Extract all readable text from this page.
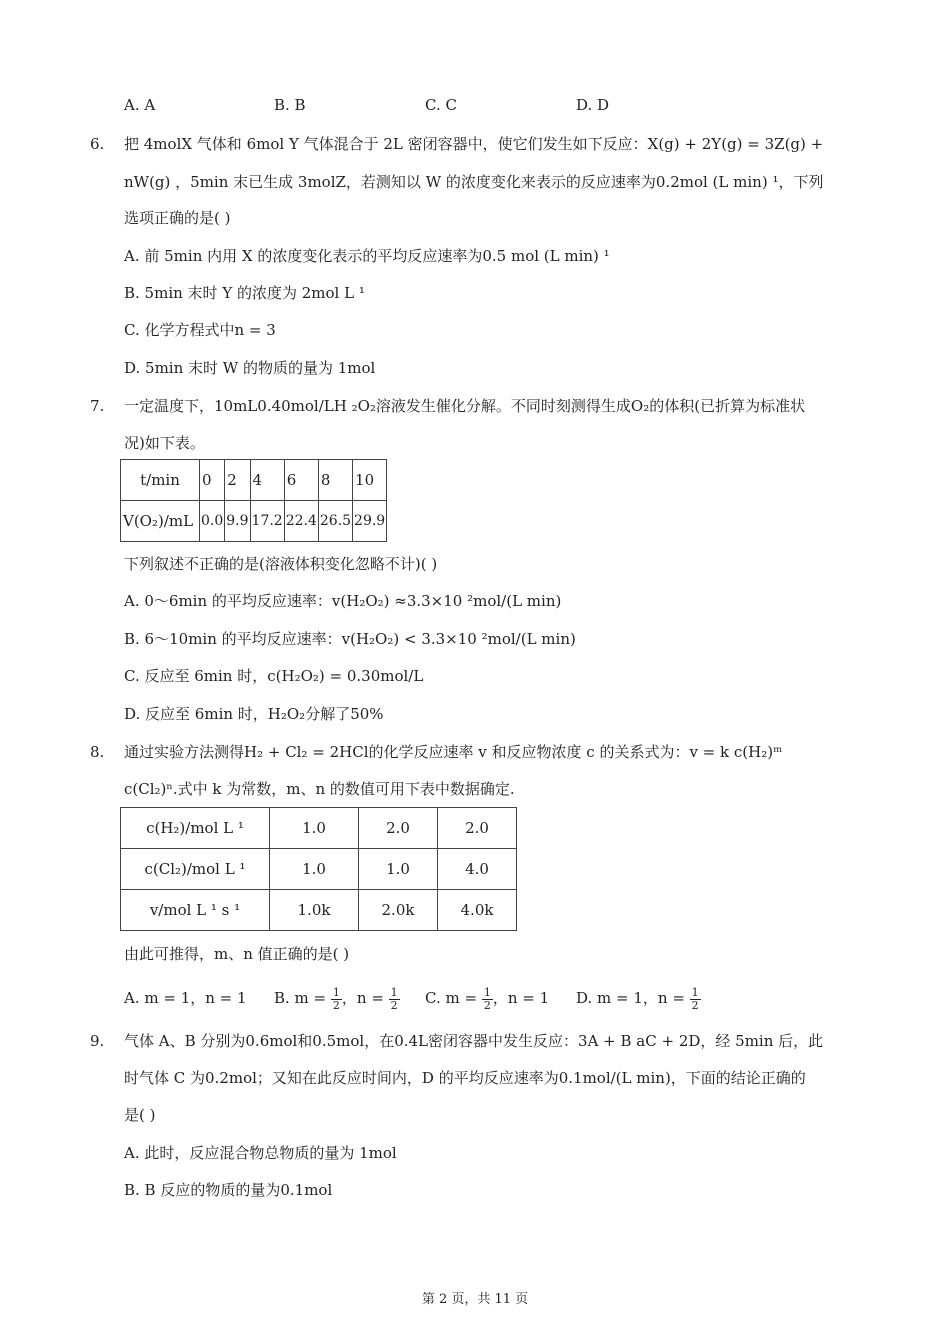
A. A	B. B	C. C	D. D
6. 把 4molX 气体和 6mol Y 气体混合于 2L 密闭容器中，使它们发生如下反应：X(g) + 2Y(g) = 3Z(g) +
nW(g) ，5min 末已生成 3molZ，若测知以 W 的浓度变化来表示的反应速率为0.2mol (L min) ¹，下列
选项正确的是( )
A. 前 5min 内用 X 的浓度变化表示的平均反应速率为0.5 mol (L min) ¹
B. 5min 末时 Y 的浓度为 2mol L ¹
C. 化学方程式中n = 3
D. 5min 末时 W 的物质的量为 1mol
7. 一定温度下，10mL0.40mol/LH ₂O₂溶液发生催化分解。不同时刻测得生成O₂的体积(已折算为标准状
况)如下表。
t/min	0	2	4	6	8	10
V(O₂)/mL	0.0	9.9	17.2	22.4	26.5	29.9
下列叙述不正确的是(溶液体积变化忽略不计)( )
A. 0～6min 的平均反应速率：v(H₂O₂) ≈3.3×10 ²mol/(L min)
B. 6～10min 的平均反应速率：v(H₂O₂) < 3.3×10 ²mol/(L min)
C. 反应至 6min 时，c(H₂O₂) = 0.30mol/L
D. 反应至 6min 时，H₂O₂分解了50%
8. 通过实验方法测得H₂ + Cl₂ = 2HCl的化学反应速率 v 和反应物浓度 c 的关系式为：v = k c(H₂)ᵐ
c(Cl₂)ⁿ.式中 k 为常数，m、n 的数值可用下表中数据确定.
c(H₂)/mol L ¹	1.0	2.0	2.0
c(Cl₂)/mol L ¹	1.0	1.0	4.0
v/mol L ¹ s ¹	1.0k	2.0k	4.0k
由此可推得，m、n 值正确的是( )
A. m = 1，n = 1 B. $m = \frac{1}{2}$ ，$n = \frac{1}{2} C$. $m = \frac{1}{2}$ ，n = 1 D. m = 1，$n = \frac{1}{2}$
9. 气体 A、B 分别为0.6mol和0.5mol，在0.4L密闭容器中发生反应：3A + B aC + 2D，经 5min 后，此
时气体 C 为0.2mol；又知在此反应时间内，D 的平均反应速率为0.1mol/(L min)，下面的结论正确的
是( )
A. 此时，反应混合物总物质的量为 1mol
B. B 反应的物质的量为0.1mol
第 2 页，共 11 页
